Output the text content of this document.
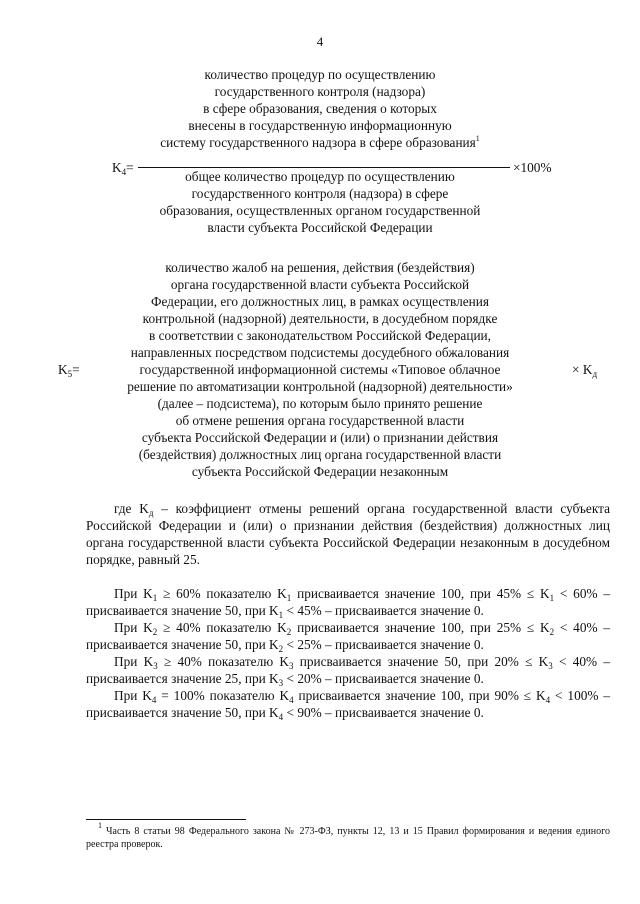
4
количество процедур по осуществлению
государственного контроля (надзора)
в сфере образования, сведения о которых
внесены в государственную информационную
систему государственного надзора в сфере образования$^1$
общее количество процедур по осуществлению
государственного контроля (надзора) в сфере
образования, осуществленных органом государственной
власти субъекта Российской Федерации
$K_4=$	×100%
количество жалоб на решения, действия (бездействия)
органа государственной власти субъекта Российской
Федерации, его должностных лиц, в рамках осуществления
контрольной (надзорной) деятельности, в досудебном порядке
в соответствии с законодательством Российской Федерации,
направленных посредством подсистемы досудебного обжалования
государственной информационной системы «Типовое облачное
решение по автоматизации контрольной (надзорной) деятельности»
(далее – подсистема), по которым было принято решение
об отмене решения органа государственной власти
субъекта Российской Федерации и (или) о признании действия
(бездействия) должностных лиц органа государственной власти
субъекта Российской Федерации незаконным
$K_5=$	× $K_д$

где $K_д$ – коэффициент отмены решений органа государственной власти субъекта Российской Федерации и (или) о признании действия (бездействия) должностных лиц органа государственной власти субъекта Российской Федерации незаконным в досудебном порядке, равный 25.

При $K_1 \ge 60\%$ показателю $K_1$ присваивается значение 100, при $45\% \le K_1 < 60\%$ – присваивается значение 50, при $K_1 < 45\%$ – присваивается значение 0.

При $K_2 \ge 40\%$ показателю $K_2$ присваивается значение 100, при $25\% \le K_2 < 40\%$ – присваивается значение 50, при $K_2 < 25\%$ – присваивается значение 0.

При $K_3 \ge 40\%$ показателю $K_3$ присваивается значение 50, при $20\% \le K_3 < 40\%$ – присваивается значение 25, при $K_3 < 20\%$ – присваивается значение 0.

При $K_4 = 100\%$ показателю $K_4$ присваивается значение 100, при $90\% \le K_4 < 100\%$ – присваивается значение 50, при $K_4 < 90\%$ – присваивается значение 0.

$^1$ Часть 8 статьи 98 Федерального закона № 273-ФЗ, пункты 12, 13 и 15 Правил формирования и ведения единого реестра проверок.
